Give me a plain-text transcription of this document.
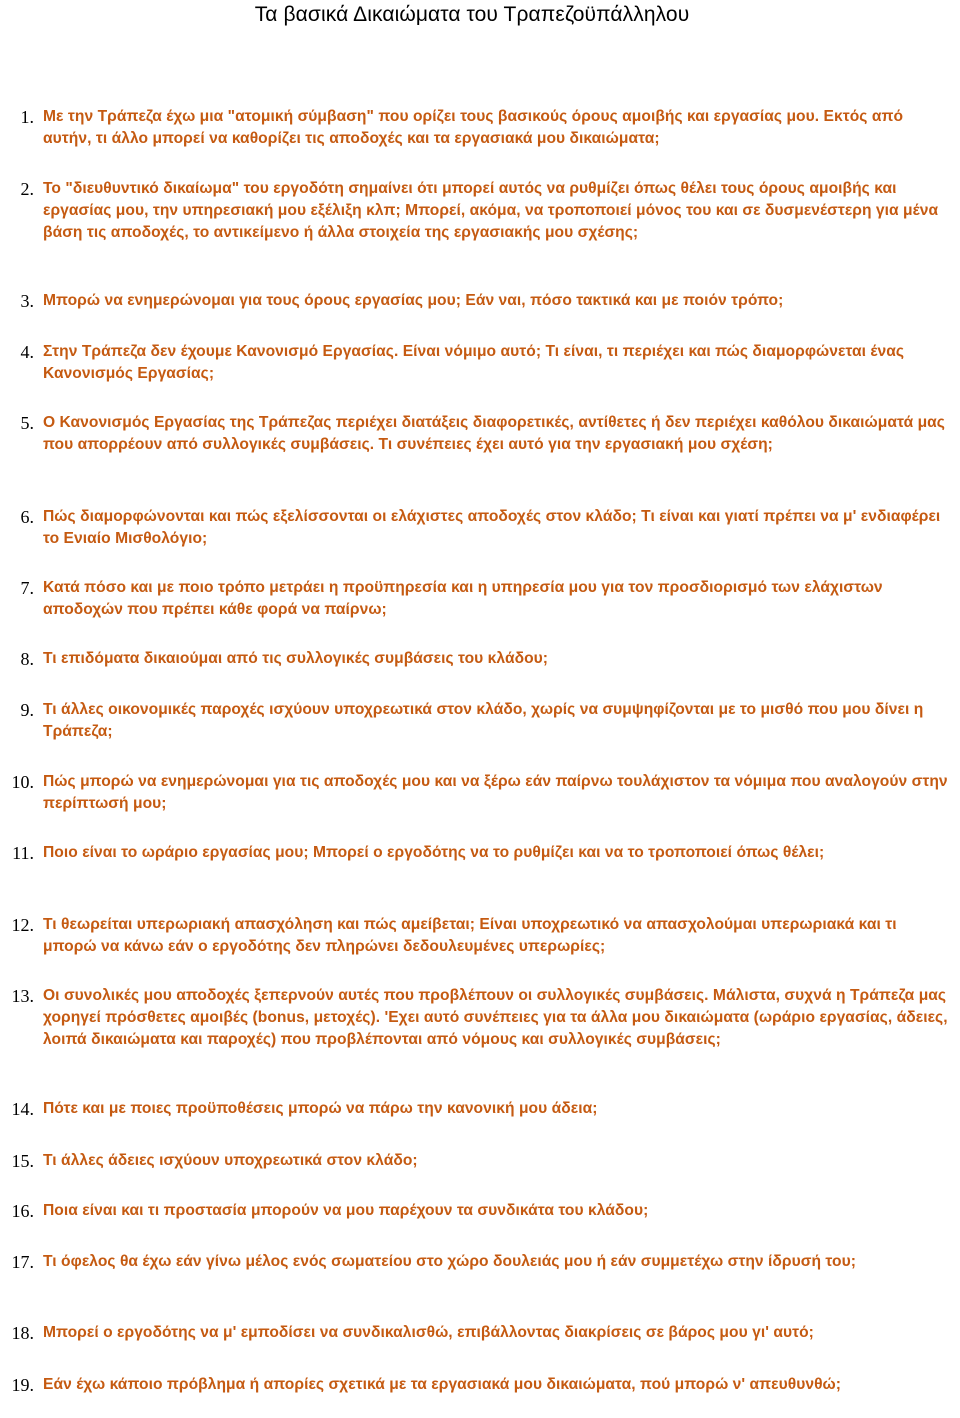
Τα βασικά Δικαιώματα του Τραπεζοϋπάλληλου
1. Με την Τράπεζα έχω μια "ατομική σύμβαση" που ορίζει τους βασικούς όρους αμοιβής και εργασίας μου. Εκτός από αυτήν, τι άλλο μπορεί να καθορίζει τις αποδοχές και τα εργασιακά μου δικαιώματα;
2. Το "διευθυντικό δικαίωμα" του εργοδότη σημαίνει ότι μπορεί αυτός να ρυθμίζει όπως θέλει τους όρους αμοιβής και εργασίας μου, την υπηρεσιακή μου εξέλιξη κλπ; Μπορεί, ακόμα, να τροποποιεί μόνος του και σε δυσμενέστερη για μένα βάση τις αποδοχές, το αντικείμενο ή άλλα στοιχεία της εργασιακής μου σχέσης;
3. Μπορώ να ενημερώνομαι για τους όρους εργασίας μου; Εάν ναι, πόσο τακτικά και με ποιόν τρόπο;
4. Στην Τράπεζα δεν έχουμε Κανονισμό Εργασίας. Είναι νόμιμο αυτό; Τι είναι, τι περιέχει και πώς διαμορφώνεται ένας Κανονισμός Εργασίας;
5. Ο Κανονισμός Εργασίας της Τράπεζας περιέχει διατάξεις διαφορετικές, αντίθετες ή δεν περιέχει καθόλου δικαιώματά μας που απορρέουν από συλλογικές συμβάσεις. Τι συνέπειες έχει αυτό για την εργασιακή μου σχέση;
6. Πώς διαμορφώνονται και πώς εξελίσσονται οι ελάχιστες αποδοχές στον κλάδο; Τι είναι και γιατί πρέπει να μ' ενδιαφέρει το Ενιαίο Μισθολόγιο;
7. Κατά πόσο και με ποιο τρόπο μετράει η προϋπηρεσία και η υπηρεσία μου για τον προσδιορισμό των ελάχιστων αποδοχών που πρέπει κάθε φορά να παίρνω;
8. Τι επιδόματα δικαιούμαι από τις συλλογικές συμβάσεις του κλάδου;
9. Τι άλλες οικονομικές παροχές ισχύουν υποχρεωτικά στον κλάδο, χωρίς να συμψηφίζονται με το μισθό που μου δίνει η Τράπεζα;
10. Πώς μπορώ να ενημερώνομαι για τις αποδοχές μου και να ξέρω εάν παίρνω τουλάχιστον τα νόμιμα που αναλογούν στην περίπτωσή μου;
11. Ποιο είναι το ωράριο εργασίας μου; Μπορεί ο εργοδότης να το ρυθμίζει και να το τροποποιεί όπως θέλει;
12. Τι θεωρείται υπερωριακή απασχόληση και πώς αμείβεται; Είναι υποχρεωτικό να απασχολούμαι υπερωριακά και τι μπορώ να κάνω εάν ο εργοδότης δεν πληρώνει δεδουλευμένες υπερωρίες;
13. Οι συνολικές μου αποδοχές ξεπερνούν αυτές που προβλέπουν οι συλλογικές συμβάσεις. Μάλιστα, συχνά η Τράπεζα μας χορηγεί πρόσθετες αμοιβές (bonus, μετοχές). 'Εχει αυτό συνέπειες για τα άλλα μου δικαιώματα (ωράριο εργασίας, άδειες, λοιπά δικαιώματα και παροχές) που προβλέπονται από νόμους και συλλογικές συμβάσεις;
14. Πότε και με ποιες προϋποθέσεις μπορώ να πάρω την κανονική μου άδεια;
15. Τι άλλες άδειες ισχύουν υποχρεωτικά στον κλάδο;
16. Ποια είναι και τι προστασία μπορούν να μου παρέχουν τα συνδικάτα του κλάδου;
17. Τι όφελος θα έχω εάν γίνω μέλος ενός σωματείου στο χώρο δουλειάς μου ή εάν συμμετέχω στην ίδρυσή του;
18. Μπορεί ο εργοδότης να μ' εμποδίσει να συνδικαλισθώ, επιβάλλοντας διακρίσεις σε βάρος μου γι' αυτό;
19. Εάν έχω κάποιο πρόβλημα ή απορίες σχετικά με τα εργασιακά μου δικαιώματα, πού μπορώ ν' απευθυνθώ;
